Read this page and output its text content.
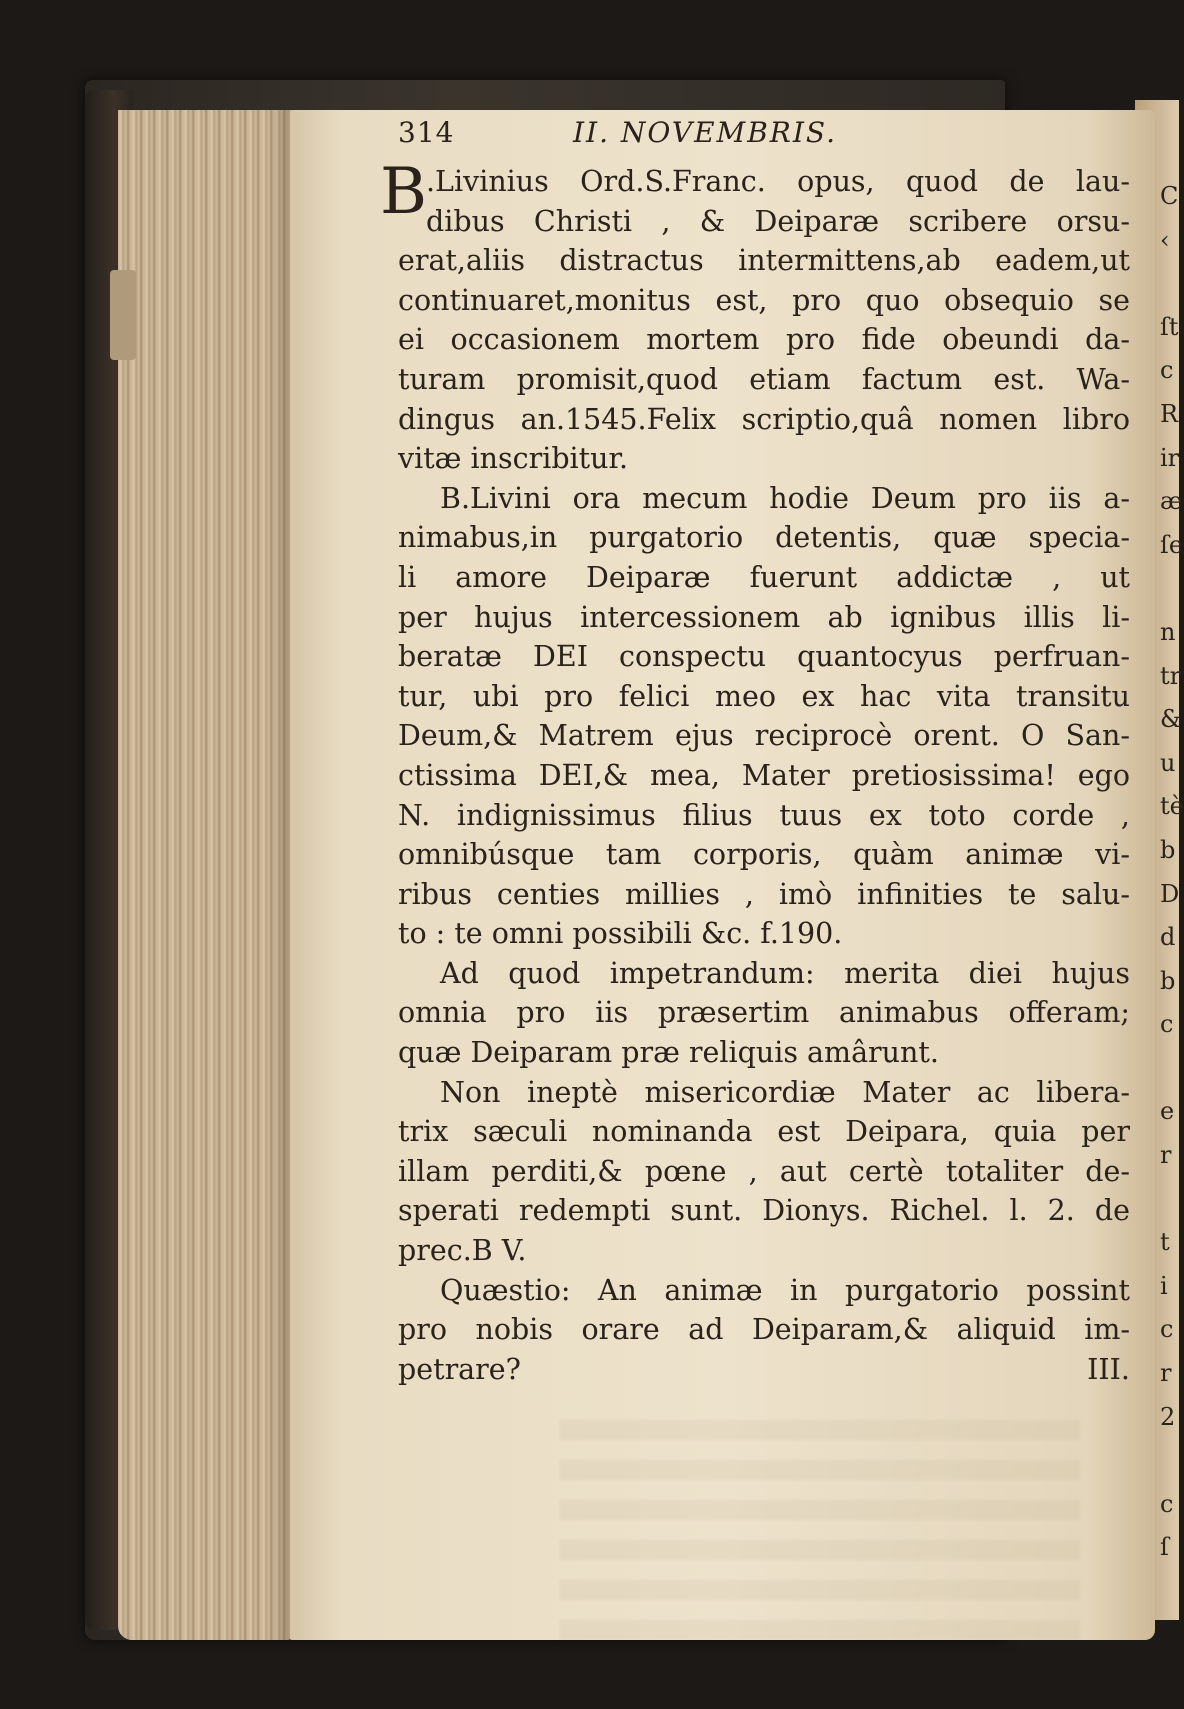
C
‹
ſt
c
R
ir
æ
ſe
n
tr
&
u
tè
b
D
d
b
c
e
r
t
i
c
r
2
c
ſ
314	II. NOVEMBRIS.
B
.Livinius Ord.S.Franc. opus, quod de lau-
dibus Christi , & Deiparæ scribere orsu-
erat,aliis distractus intermittens,ab eadem,ut
continuaret,monitus est, pro quo obsequio se
ei occasionem mortem pro fide obeundi da-
turam promisit,quod etiam factum est. Wa-
dingus an.1545.Felix scriptio,quâ nomen libro
vitæ inscribitur.
B.Livini ora mecum hodie Deum pro iis a-
nimabus,in purgatorio detentis, quæ specia-
li amore Deiparæ fuerunt addictæ , ut
per hujus intercessionem ab ignibus illis li-
beratæ DEI conspectu quantocyus perfruan-
tur, ubi pro felici meo ex hac vita transitu
Deum,& Matrem ejus reciprocè orent. O San-
ctissima DEI,& mea, Mater pretiosissima! ego
N. indignissimus filius tuus ex toto corde ,
omnibúsque tam corporis, quàm animæ vi-
ribus centies millies , imò infinities te salu-
to : te omni possibili &c. f.190.
Ad quod impetrandum: merita diei hujus
omnia pro iis præsertim animabus offeram;
quæ Deiparam præ reliquis amârunt.
Non ineptè misericordiæ Mater ac libera-
trix sæculi nominanda est Deipara, quia per
illam perditi,& pœne , aut certè totaliter de-
sperati redempti sunt. Dionys. Richel. l. 2. de
prec.B V.
Quæstio: An animæ in purgatorio possint
pro nobis orare ad Deiparam,& aliquid im-
petrare?	III.
